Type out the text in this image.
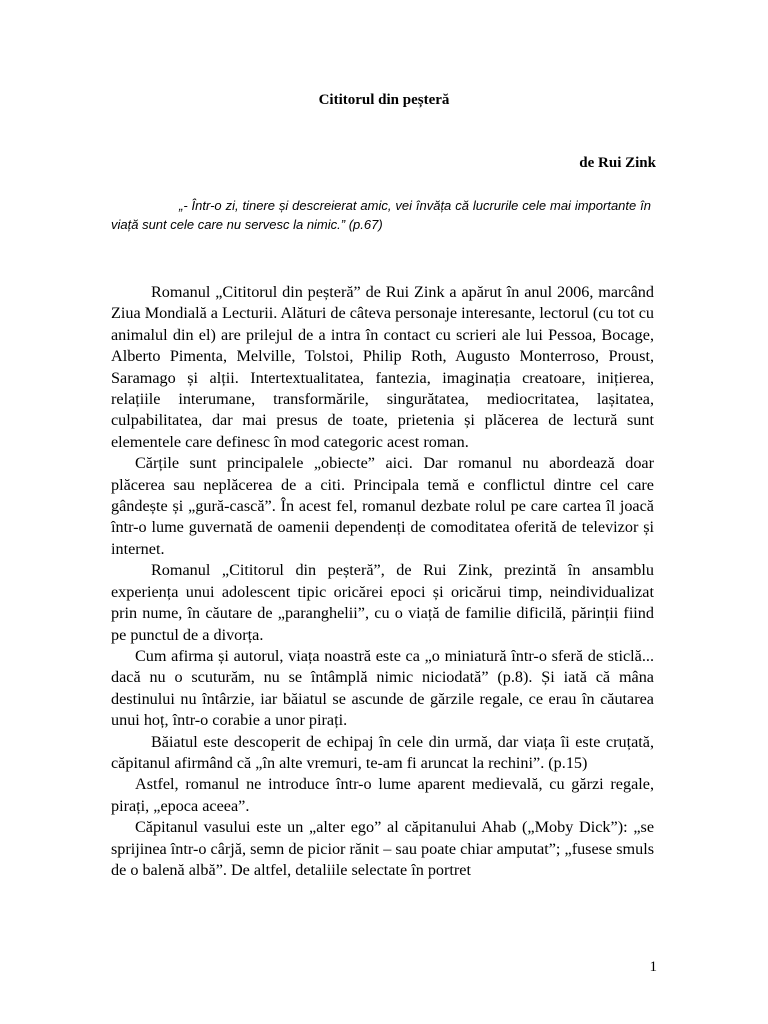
Cititorul din peșteră
de Rui Zink
„- Într-o zi, tinere și descreierat amic, vei învăța că lucrurile cele mai importante în viață sunt cele care nu servesc la nimic.” (p.67)

Romanul „Cititorul din peșteră” de Rui Zink a apărut în anul 2006, marcând Ziua Mondială a Lecturii. Alături de câteva personaje interesante, lectorul (cu tot cu animalul din el) are prilejul de a intra în contact cu scrieri ale lui Pessoa, Bocage, Alberto Pimenta, Melville, Tolstoi, Philip Roth, Augusto Monterroso, Proust, Saramago și alții. Intertextualitatea, fantezia, imaginația creatoare, inițierea, relațiile interumane, transformările, singurătatea, mediocritatea, lașitatea, culpabilitatea, dar mai presus de toate, prietenia și plăcerea de lectură sunt elementele care definesc în mod categoric acest roman.

Cărțile sunt principalele „obiecte” aici. Dar romanul nu abordează doar plăcerea sau neplăcerea de a citi. Principala temă e conflictul dintre cel care gândește și „gură-cască”. În acest fel, romanul dezbate rolul pe care cartea îl joacă într-o lume guvernată de oamenii dependenți de comoditatea oferită de televizor și internet.

Romanul „Cititorul din peșteră”, de Rui Zink, prezintă în ansamblu experiența unui adolescent tipic oricărei epoci și oricărui timp, neindividualizat prin nume, în căutare de „paranghelii”, cu o viață de familie dificilă, părinții fiind pe punctul de a divorța.

Cum afirma și autorul, viața noastră este ca „o miniatură într-o sferă de sticlă... dacă nu o scuturăm, nu se întâmplă nimic niciodată” (p.8). Și iată că mâna destinului nu întârzie, iar băiatul se ascunde de gărzile regale, ce erau în căutarea unui hoț, într-o corabie a unor pirați.

Băiatul este descoperit de echipaj în cele din urmă, dar viața îi este cruțată, căpitanul afirmând că „în alte vremuri, te-am fi aruncat la rechini”. (p.15)

Astfel, romanul ne introduce într-o lume aparent medievală, cu gărzi regale, pirați, „epoca aceea”.

Căpitanul vasului este un „alter ego” al căpitanului Ahab („Moby Dick”): „se sprijinea într-o cârjă, semn de picior rănit – sau poate chiar amputat”; „fusese smuls de o balenă albă”. De altfel, detaliile selectate în portret

1
